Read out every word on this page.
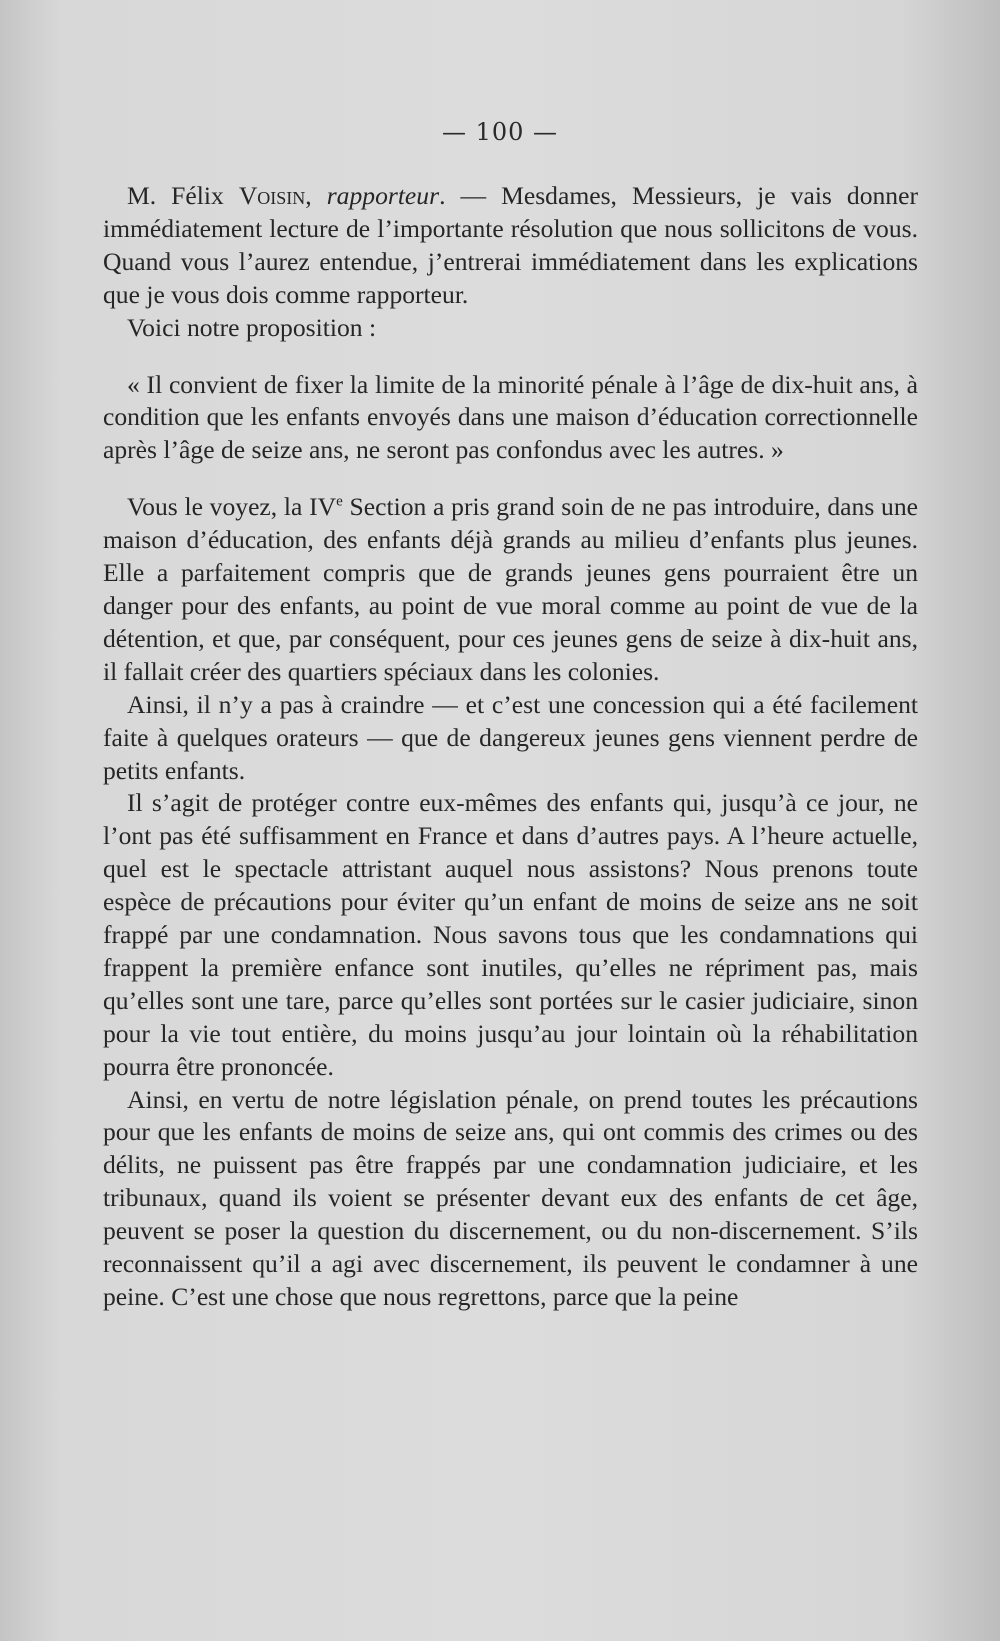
— 100 —

M. Félix Voisin, rapporteur. — Mesdames, Messieurs, je vais donner immédiatement lecture de l’importante résolution que nous sollicitons de vous. Quand vous l’aurez entendue, j’entrerai immédiatement dans les explications que je vous dois comme rapporteur.

Voici notre proposition :

« Il convient de fixer la limite de la minorité pénale à l’âge de dix-huit ans, à condition que les enfants envoyés dans une maison d’éducation correctionnelle après l’âge de seize ans, ne seront pas confondus avec les autres. »

Vous le voyez, la IVe Section a pris grand soin de ne pas introduire, dans une maison d’éducation, des enfants déjà grands au milieu d’enfants plus jeunes. Elle a parfaitement compris que de grands jeunes gens pourraient être un danger pour des enfants, au point de vue moral comme au point de vue de la détention, et que, par conséquent, pour ces jeunes gens de seize à dix-huit ans, il fallait créer des quartiers spéciaux dans les colonies.

Ainsi, il n’y a pas à craindre — et c’est une concession qui a été facilement faite à quelques orateurs — que de dangereux jeunes gens viennent perdre de petits enfants.

Il s’agit de protéger contre eux-mêmes des enfants qui, jusqu’à ce jour, ne l’ont pas été suffisamment en France et dans d’autres pays. A l’heure actuelle, quel est le spectacle attristant auquel nous assistons? Nous prenons toute espèce de précautions pour éviter qu’un enfant de moins de seize ans ne soit frappé par une condamnation. Nous savons tous que les condamnations qui frappent la première enfance sont inutiles, qu’elles ne répriment pas, mais qu’elles sont une tare, parce qu’elles sont portées sur le casier judiciaire, sinon pour la vie tout entière, du moins jusqu’au jour lointain où la réhabilitation pourra être prononcée.

Ainsi, en vertu de notre législation pénale, on prend toutes les précautions pour que les enfants de moins de seize ans, qui ont commis des crimes ou des délits, ne puissent pas être frappés par une condamnation judiciaire, et les tribunaux, quand ils voient se présenter devant eux des enfants de cet âge, peuvent se poser la question du discernement, ou du non-discernement. S’ils reconnaissent qu’il a agi avec discernement, ils peuvent le condamner à une peine. C’est une chose que nous regrettons, parce que la peine
